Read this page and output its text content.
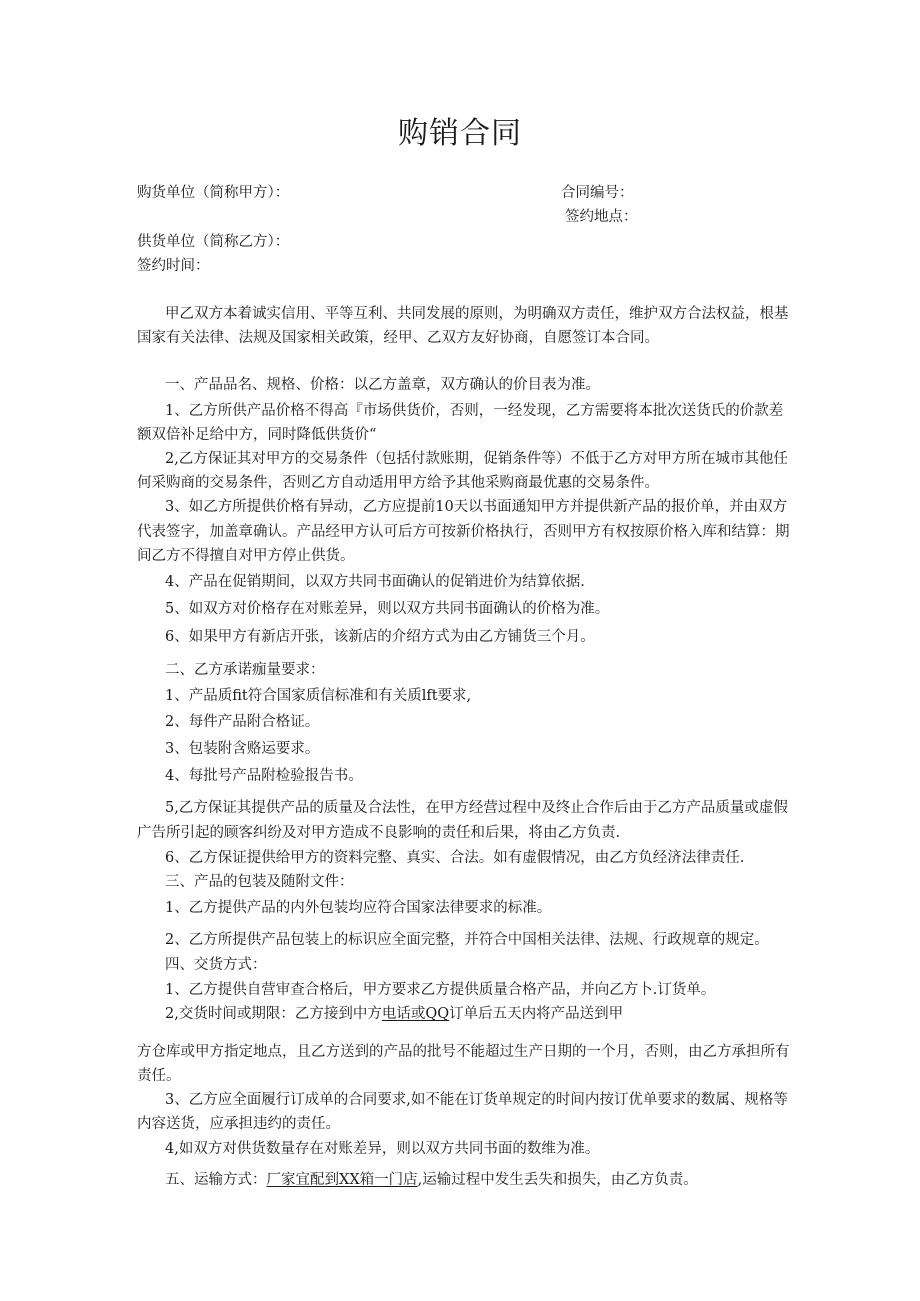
购销合同
购货单位（简称甲方）：	合同编号：
签约地点：
供货单位（简称乙方）：
签约时间：
甲乙双方本着诚实信用、平等互利、共同发展的原则，为明确双方责任，维护双方合法权益，根基
国家有关法律、法规及国家相关政策，经甲、乙双方友好协商，自愿签订本合同。
一、产品品名、规格、价格：以乙方盖章，双方确认的价目表为准。
1、乙方所供产品价格不得高『市场供货价，否则，一经发现，乙方需要将本批次送货氏的价款差
额双倍补足给中方，同时降低供货价“
2,乙方保证其对甲方的交易条件（包括付款账期，促销条件等）不低于乙方对甲方所在城市其他任
何采购商的交易条件，否则乙方自动适用甲方给予其他采购商最优惠的交易条件。
3、如乙方所提供价格有异动，乙方应提前10天以书面通知甲方并提供新产品的报价单，并由双方
代表签字，加盖章确认。产品经甲方认可后方可按新价格执行，否则甲方有权按原价格入库和结算：期
间乙方不得擅自对甲方停止供货。
4、产品在促销期间，以双方共同书面确认的促销进价为结算依据.
5、如双方对价格存在对账差异，则以双方共同书面确认的价格为准。
6、如果甲方有新店开张，该新店的介绍方式为由乙方铺货三个月。
二、乙方承诺痂量要求：
1、产品质fit符合国家质信标准和有关质lft要求,
2、每件产品附合格证。
3、包装附含赂运要求。
4、每批号产品附检验报告书。
5,乙方保证其提供产品的质量及合法性，在甲方经营过程中及终止合作后由于乙方产品质量或虚假
广告所引起的顾客纠纷及对甲方造成不良影响的责任和后果，将由乙方负责.
6、乙方保证提供给甲方的资料完整、真实、合法。如有虚假情况，由乙方负经济法律责任.
三、产品的包装及随附文件：
1、乙方提供产品的内外包装均应符合国家法律要求的标准。
2、乙方所提供产品包装上的标识应全面完整，并符合中国相关法律、法规、行政规章的规定。
四、交货方式：
1、乙方提供自营审查合格后，甲方要求乙方提供质量合格产品，并向乙方卜.订货单。
2,交货时间或期限：乙方接到中方电话或QQ订单后五天内将产品送到甲
方仓库或甲方指定地点，且乙方送到的产品的批号不能超过生产日期的一个月，否则，由乙方承担所有
责任。
3、乙方应全面履行订成单的合同要求,如不能在订货单规定的时间内按订优单要求的数属、规格等
内容送货，应承担违约的责任。
4,如双方对供货数量存在对账差异，则以双方共同书面的数维为准。
五、运输方式：厂家宜配到XX箱一门店,运输过程中发生丢失和损失，由乙方负责。
